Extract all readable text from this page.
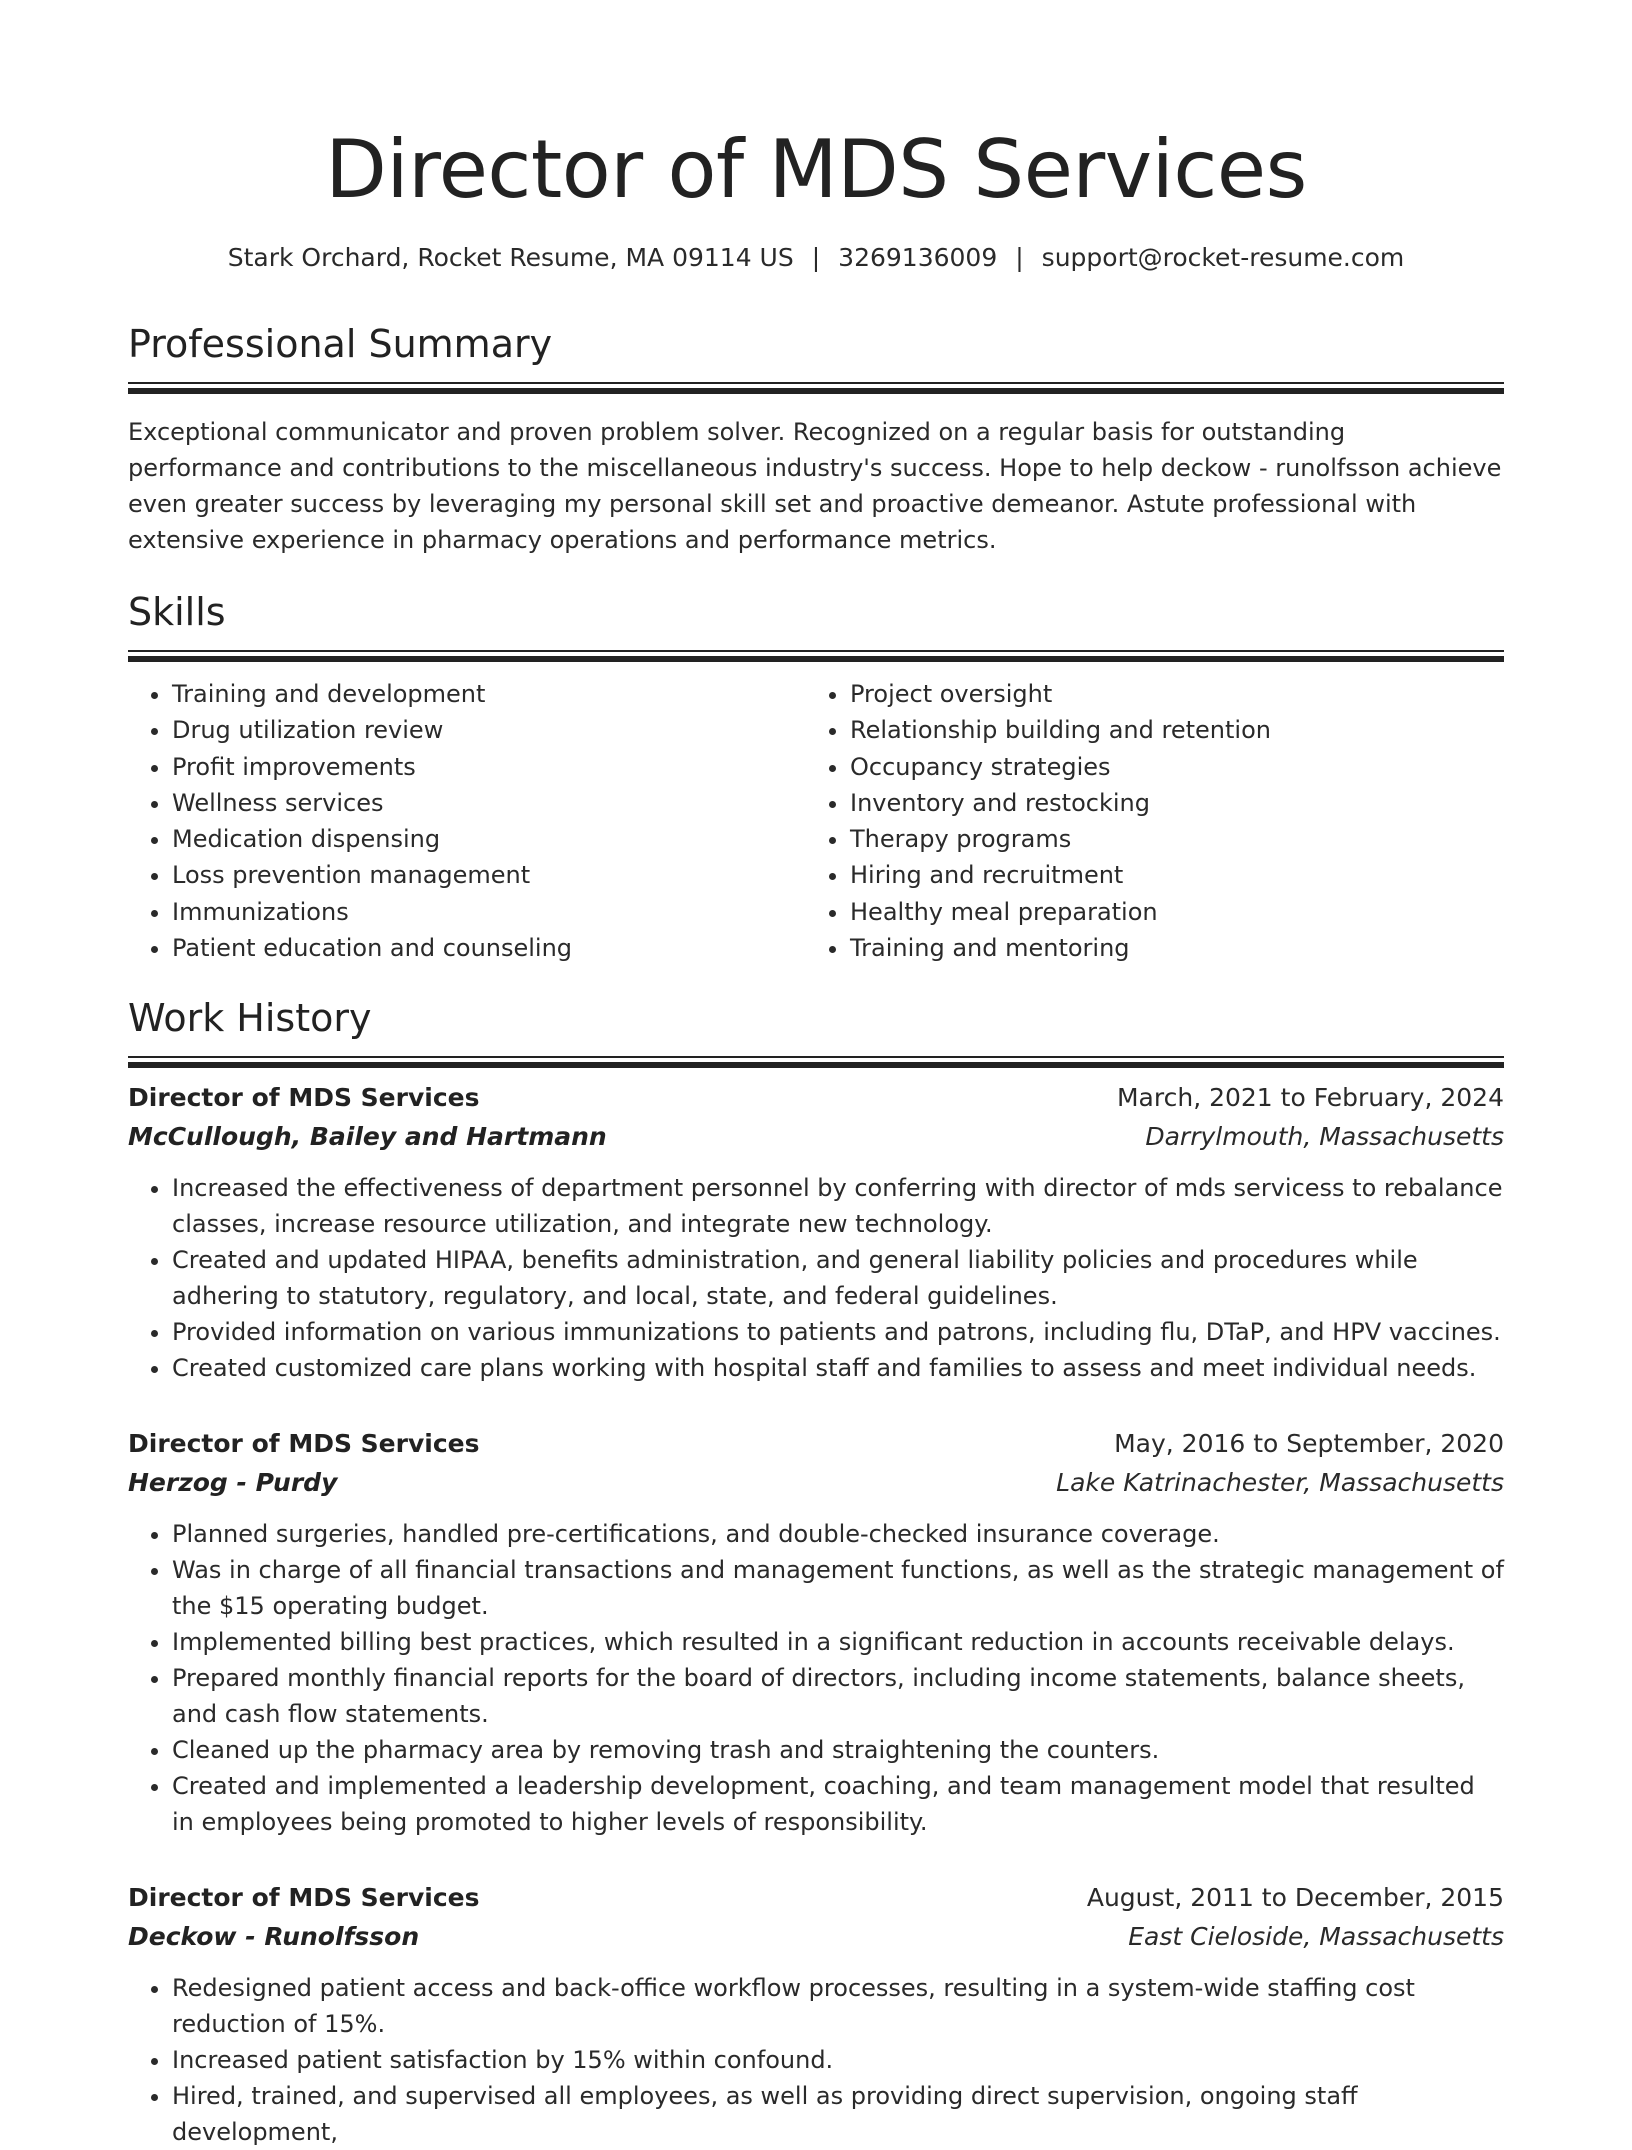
Director of MDS Services
Stark Orchard, Rocket Resume, MA 09114 US | 3269136009 | support@rocket-resume.com
Professional Summary

Exceptional communicator and proven problem solver. Recognized on a regular basis for outstanding performance and contributions to the miscellaneous industry's success. Hope to help deckow - runolfsson achieve even greater success by leveraging my personal skill set and proactive demeanor. Astute professional with extensive experience in pharmacy operations and performance metrics.

Skills
• Training and development
• Drug utilization review
• Profit improvements
• Wellness services
• Medication dispensing
• Loss prevention management
• Immunizations
• Patient education and counseling
• Project oversight
• Relationship building and retention
• Occupancy strategies
• Inventory and restocking
• Therapy programs
• Hiring and recruitment
• Healthy meal preparation
• Training and mentoring
Work History
Director of MDS Services	March, 2021 to February, 2024
McCullough, Bailey and Hartmann	Darrylmouth, Massachusetts
• Increased the effectiveness of department personnel by conferring with director of mds servicess to rebalance classes, increase resource utilization, and integrate new technology.
• Created and updated HIPAA, benefits administration, and general liability policies and procedures while adhering to statutory, regulatory, and local, state, and federal guidelines.
• Provided information on various immunizations to patients and patrons, including flu, DTaP, and HPV vaccines.
• Created customized care plans working with hospital staff and families to assess and meet individual needs.
Director of MDS Services	May, 2016 to September, 2020
Herzog - Purdy	Lake Katrinachester, Massachusetts
• Planned surgeries, handled pre-certifications, and double-checked insurance coverage.
• Was in charge of all financial transactions and management functions, as well as the strategic management of the $15 operating budget.
• Implemented billing best practices, which resulted in a significant reduction in accounts receivable delays.
• Prepared monthly financial reports for the board of directors, including income statements, balance sheets, and cash flow statements.
• Cleaned up the pharmacy area by removing trash and straightening the counters.
• Created and implemented a leadership development, coaching, and team management model that resulted in employees being promoted to higher levels of responsibility.
Director of MDS Services	August, 2011 to December, 2015
Deckow - Runolfsson	East Cieloside, Massachusetts
• Redesigned patient access and back-office workflow processes, resulting in a system-wide staffing cost reduction of 15%.
• Increased patient satisfaction by 15% within confound.
• Hired, trained, and supervised all employees, as well as providing direct supervision, ongoing staff development,
